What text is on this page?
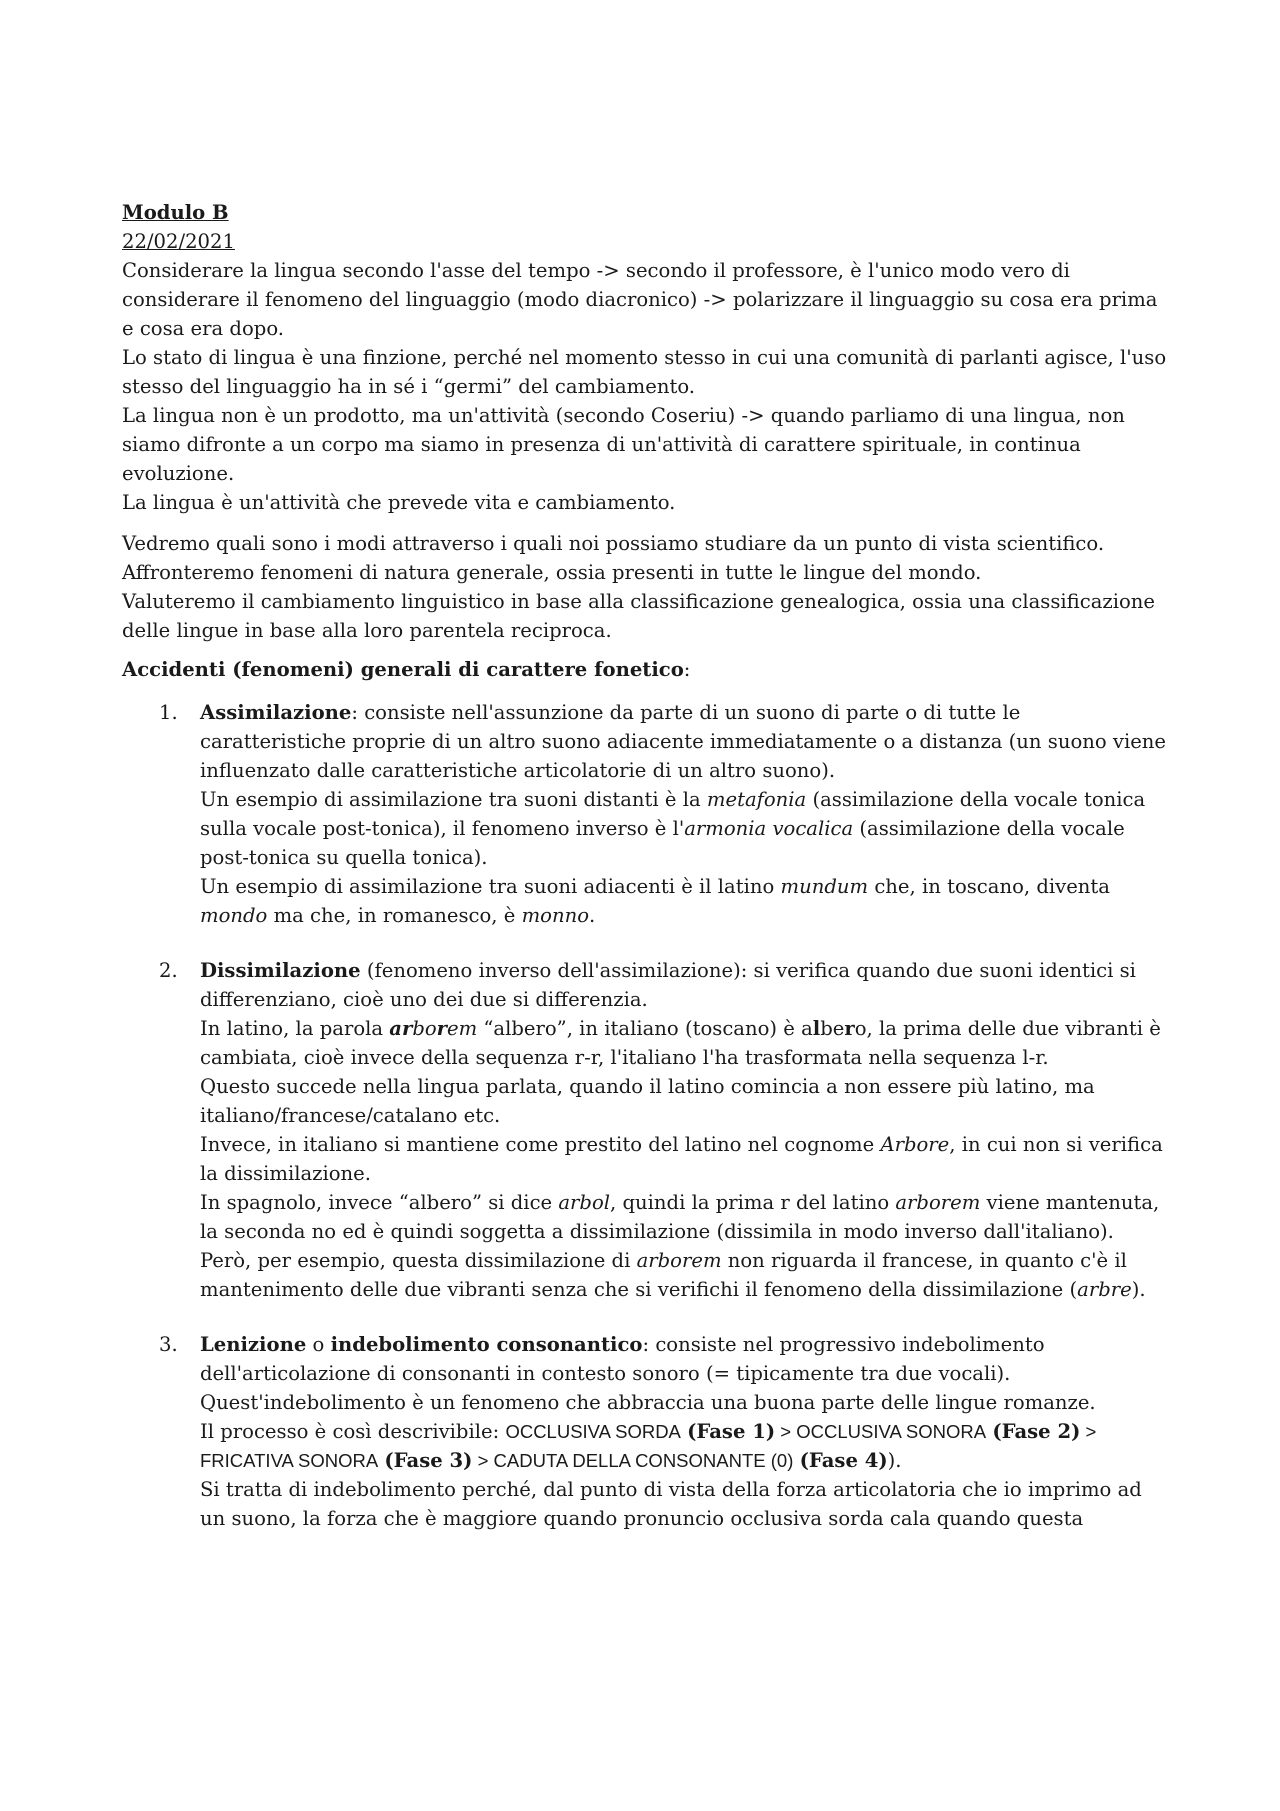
Modulo B

22/02/2021

Considerare la lingua secondo l'asse del tempo -> secondo il professore, è l'unico modo vero di considerare il fenomeno del linguaggio (modo diacronico) -> polarizzare il linguaggio su cosa era prima e cosa era dopo.

Lo stato di lingua è una finzione, perché nel momento stesso in cui una comunità di parlanti agisce, l'uso stesso del linguaggio ha in sé i “germi” del cambiamento.

La lingua non è un prodotto, ma un'attività (secondo Coseriu) -> quando parliamo di una lingua, non siamo difronte a un corpo ma siamo in presenza di un'attività di carattere spirituale, in continua evoluzione.

La lingua è un'attività che prevede vita e cambiamento.

Vedremo quali sono i modi attraverso i quali noi possiamo studiare da un punto di vista scientifico.

Affronteremo fenomeni di natura generale, ossia presenti in tutte le lingue del mondo.

Valuteremo il cambiamento linguistico in base alla classificazione genealogica, ossia una classificazione delle lingue in base alla loro parentela reciproca.

Accidenti (fenomeni) generali di carattere fonetico:

1. Assimilazione: consiste nell'assunzione da parte di un suono di parte o di tutte le caratteristiche proprie di un altro suono adiacente immediatamente o a distanza (un suono viene influenzato dalle caratteristiche articolatorie di un altro suono).

Un esempio di assimilazione tra suoni distanti è la metafonia (assimilazione della vocale tonica sulla vocale post-tonica), il fenomeno inverso è l'armonia vocalica (assimilazione della vocale post-tonica su quella tonica).

Un esempio di assimilazione tra suoni adiacenti è il latino mundum che, in toscano, diventa mondo ma che, in romanesco, è monno.

2. Dissimilazione (fenomeno inverso dell'assimilazione): si verifica quando due suoni identici si differenziano, cioè uno dei due si differenzia.

In latino, la parola arborem “albero”, in italiano (toscano) è albero, la prima delle due vibranti è cambiata, cioè invece della sequenza r-r, l'italiano l'ha trasformata nella sequenza l-r.

Questo succede nella lingua parlata, quando il latino comincia a non essere più latino, ma italiano/francese/catalano etc.

Invece, in italiano si mantiene come prestito del latino nel cognome Arbore, in cui non si verifica la dissimilazione.

In spagnolo, invece “albero” si dice arbol, quindi la prima r del latino arborem viene mantenuta, la seconda no ed è quindi soggetta a dissimilazione (dissimila in modo inverso dall'italiano).

Però, per esempio, questa dissimilazione di arborem non riguarda il francese, in quanto c'è il mantenimento delle due vibranti senza che si verifichi il fenomeno della dissimilazione (arbre).

3. Lenizione o indebolimento consonantico: consiste nel progressivo indebolimento dell'articolazione di consonanti in contesto sonoro (= tipicamente tra due vocali).

Quest'indebolimento è un fenomeno che abbraccia una buona parte delle lingue romanze.

Il processo è così descrivibile: OCCLUSIVA SORDA (Fase 1) > OCCLUSIVA SONORA (Fase 2) > FRICATIVA SONORA (Fase 3) > CADUTA DELLA CONSONANTE (0) (Fase 4)).

Si tratta di indebolimento perché, dal punto di vista della forza articolatoria che io imprimo ad un suono, la forza che è maggiore quando pronuncio occlusiva sorda cala quando questa
